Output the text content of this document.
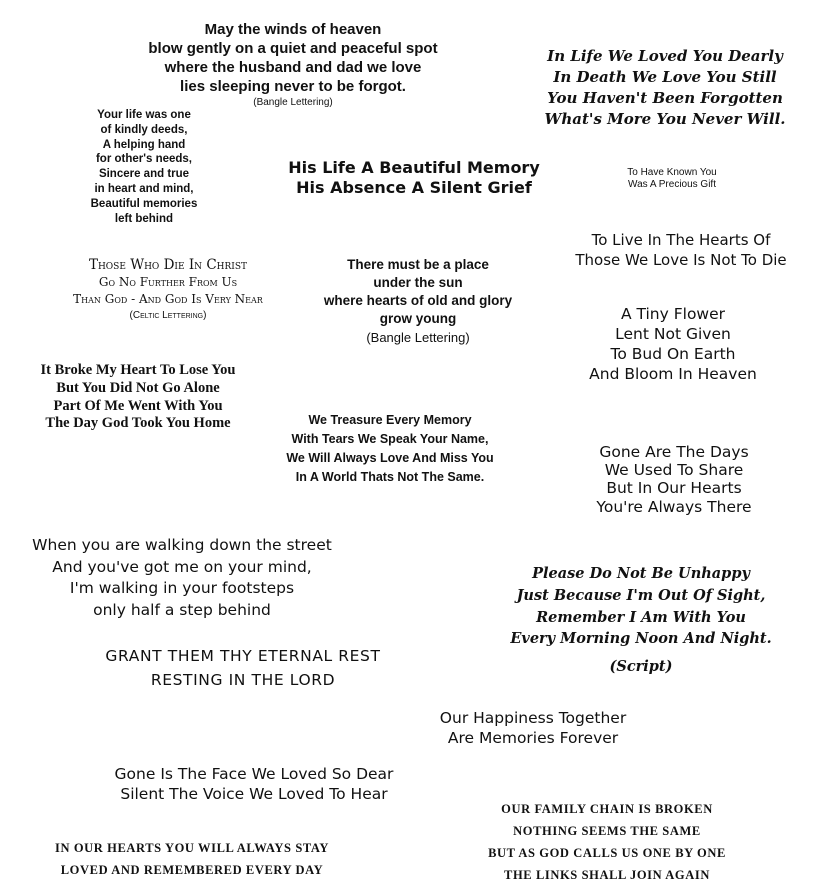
May the winds of heaven
blow gently on a quiet and peaceful spot
where the husband and dad we love
lies sleeping never to be forgot.
(Bangle Lettering)
In Life We Loved You Dearly
In Death We Love You Still
You Haven't Been Forgotten
What's More You Never Will.
Your life was one
of kindly deeds,
A helping hand
for other's needs,
Sincere and true
in heart and mind,
Beautiful memories
left behind
His Life A Beautiful Memory
His Absence A Silent Grief
To Have Known You
Was A Precious Gift
Those Who Die In Christ
Go No Further From Us
Than God - And God Is Very Near
(Celtic Lettering)
There must be a place
under the sun
where hearts of old and glory
grow young
(Bangle Lettering)
To Live In The Hearts Of
Those We Love Is Not To Die
A Tiny Flower
Lent Not Given
To Bud On Earth
And Bloom In Heaven
It Broke My Heart To Lose You
But You Did Not Go Alone
Part Of Me Went With You
The Day God Took You Home	We Treasure Every Memory
With Tears We Speak Your Name,
We Will Always Love And Miss You
In A World Thats Not The Same.
Gone Are The Days
We Used To Share
But In Our Hearts
You're Always There
When you are walking down the street
And you've got me on your mind,
I'm walking in your footsteps
only half a step behind
Please Do Not Be Unhappy
Just Because I'm Out Of Sight,
Remember I Am With You
Every Morning Noon And Night.
(Script)
GRANT THEM THY ETERNAL REST
RESTING IN THE LORD
Our Happiness Together
Are Memories Forever
Gone Is The Face We Loved So Dear
Silent The Voice We Loved To Hear
OUR FAMILY CHAIN IS BROKEN
NOTHING SEEMS THE SAME
BUT AS GOD CALLS US ONE BY ONE
THE LINKS SHALL JOIN AGAIN
IN OUR HEARTS YOU WILL ALWAYS STAY
LOVED AND REMEMBERED EVERY DAY
